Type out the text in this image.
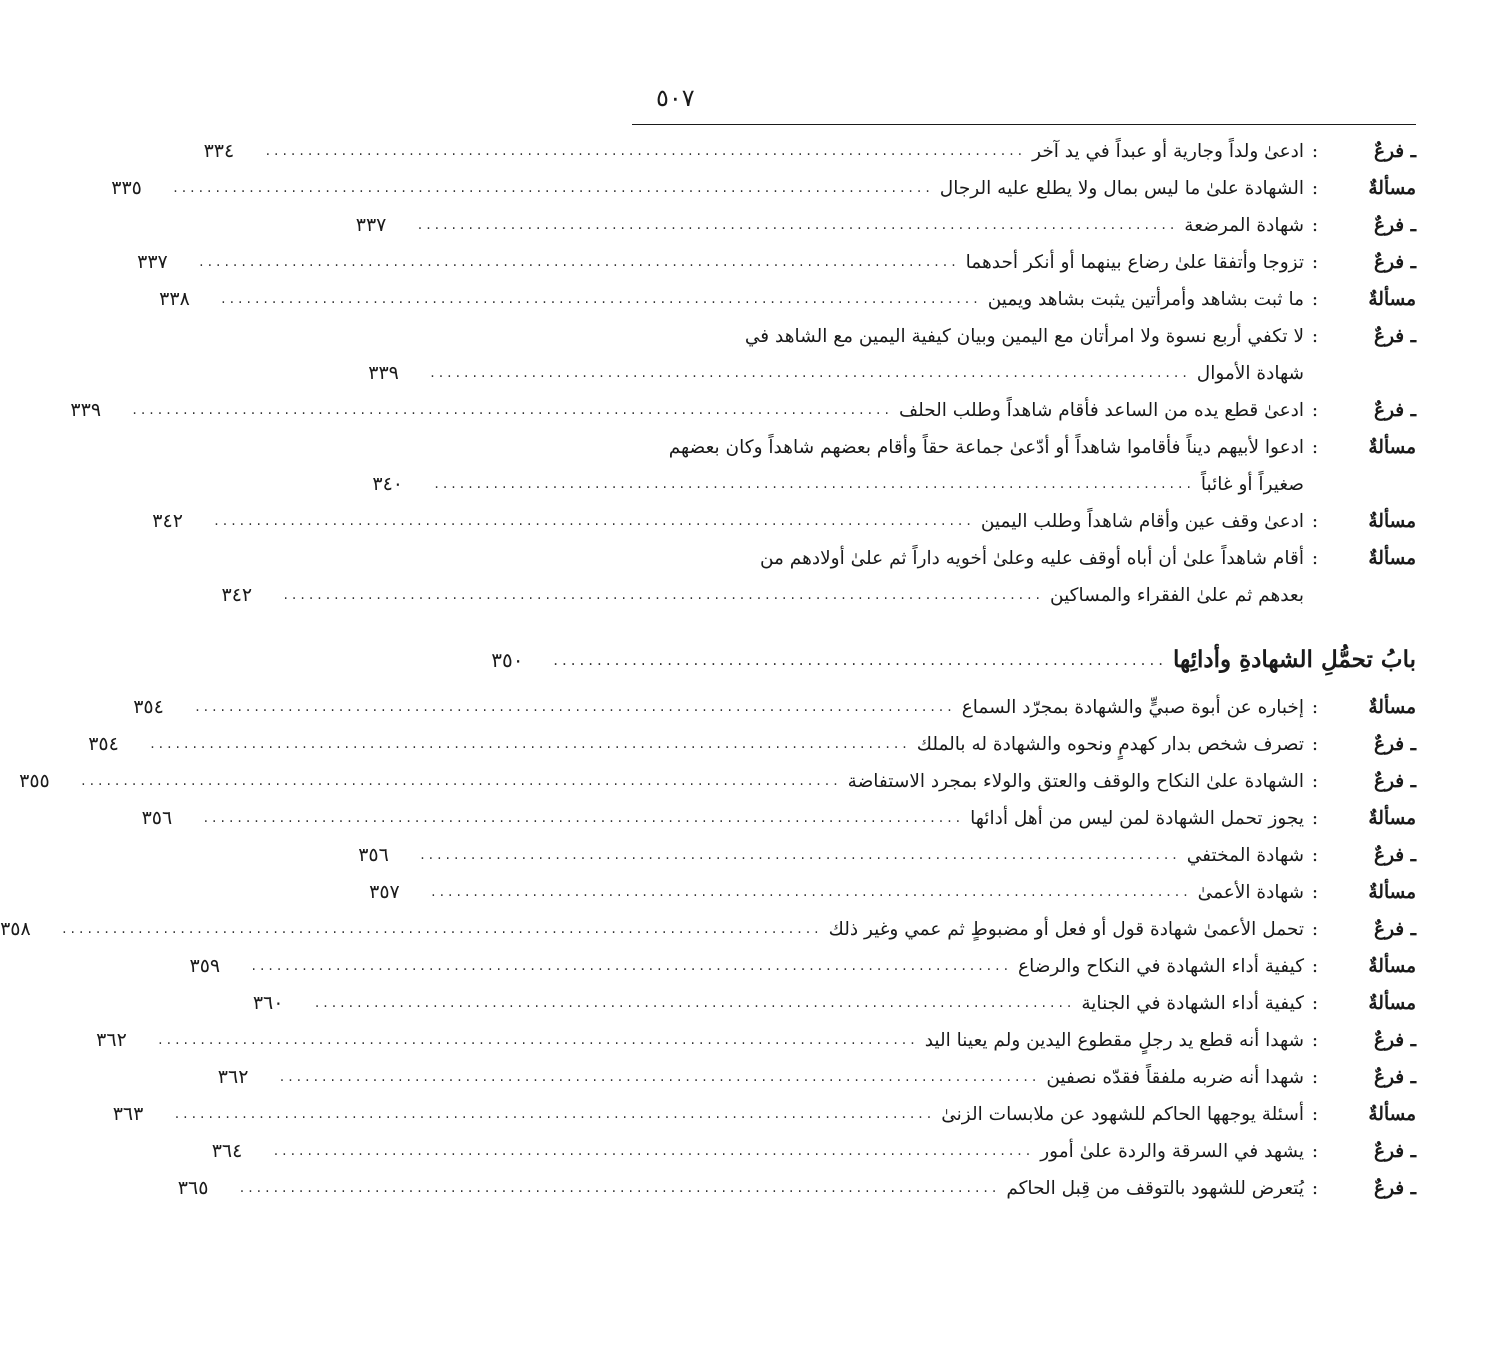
٥٠٧
ـ فرعٌ
:
ادعىٰ ولداً وجارية أو عبداً في يد آخر
..........................................................................................
٣٣٤
مسألةٌ
:
الشهادة علىٰ ما ليس بمال ولا يطلع عليه الرجال
..........................................................................................
٣٣٥
ـ فرعٌ
:
شهادة المرضعة
..........................................................................................
٣٣٧
ـ فرعٌ
:
تزوجا وأتفقا علىٰ رضاع بينهما أو أنكر أحدهما
..........................................................................................
٣٣٧
مسألةٌ
:
ما ثبت بشاهد وأمرأتين يثبت بشاهد ويمين
..........................................................................................
٣٣٨
ـ فرعٌ
:
لا تكفي أربع نسوة ولا امرأتان مع اليمين وبيان كيفية اليمين مع الشاهد في
شهادة الأموال
..........................................................................................
٣٣٩
ـ فرعٌ
:
ادعىٰ قطع يده من الساعد فأقام شاهداً وطلب الحلف
..........................................................................................
٣٣٩
مسألةٌ
:
ادعوا لأبيهم ديناً فأقاموا شاهداً أو أدّعىٰ جماعة حقاً وأقام بعضهم شاهداً وكان بعضهم
صغيراً أو غائباً
..........................................................................................
٣٤٠
مسألةٌ
:
ادعىٰ وقف عين وأقام شاهداً وطلب اليمين
..........................................................................................
٣٤٢
مسألةٌ
:
أقام شاهداً علىٰ أن أباه أوقف عليه وعلىٰ أخويه داراً ثم علىٰ أولادهم من
بعدهم ثم علىٰ الفقراء والمساكين
..........................................................................................
٣٤٢
بابُ تحمُّلِ الشهادةِ وأدائِها
......................................................................
٣٥٠
مسألةٌ
:
إخباره عن أبوة صبيٍّ والشهادة بمجرّد السماع
..........................................................................................
٣٥٤
ـ فرعٌ
:
تصرف شخص بدار كهدمٍ ونحوه والشهادة له بالملك
..........................................................................................
٣٥٤
ـ فرعٌ
:
الشهادة علىٰ النكاح والوقف والعتق والولاء بمجرد الاستفاضة
..........................................................................................
٣٥٥
مسألةٌ
:
يجوز تحمل الشهادة لمن ليس من أهل أدائها
..........................................................................................
٣٥٦
ـ فرعٌ
:
شهادة المختفي
..........................................................................................
٣٥٦
مسألةٌ
:
شهادة الأعمىٰ
..........................................................................................
٣٥٧
ـ فرعٌ
:
تحمل الأعمىٰ شهادة قول أو فعل أو مضبوطٍ ثم عمي وغير ذلك
..........................................................................................
٣٥٨
مسألةٌ
:
كيفية أداء الشهادة في النكاح والرضاع
..........................................................................................
٣٥٩
مسألةٌ
:
كيفية أداء الشهادة في الجناية
..........................................................................................
٣٦٠
ـ فرعٌ
:
شهدا أنه قطع يد رجلٍ مقطوع اليدين ولم يعينا اليد
..........................................................................................
٣٦٢
ـ فرعٌ
:
شهدا أنه ضربه ملفقاً فقدّه نصفين
..........................................................................................
٣٦٢
مسألةٌ
:
أسئلة يوجهها الحاكم للشهود عن ملابسات الزنىٰ
..........................................................................................
٣٦٣
ـ فرعٌ
:
يشهد في السرقة والردة علىٰ أمور
..........................................................................................
٣٦٤
ـ فرعٌ
:
يُتعرض للشهود بالتوقف من قِبل الحاكم
..........................................................................................
٣٦٥
